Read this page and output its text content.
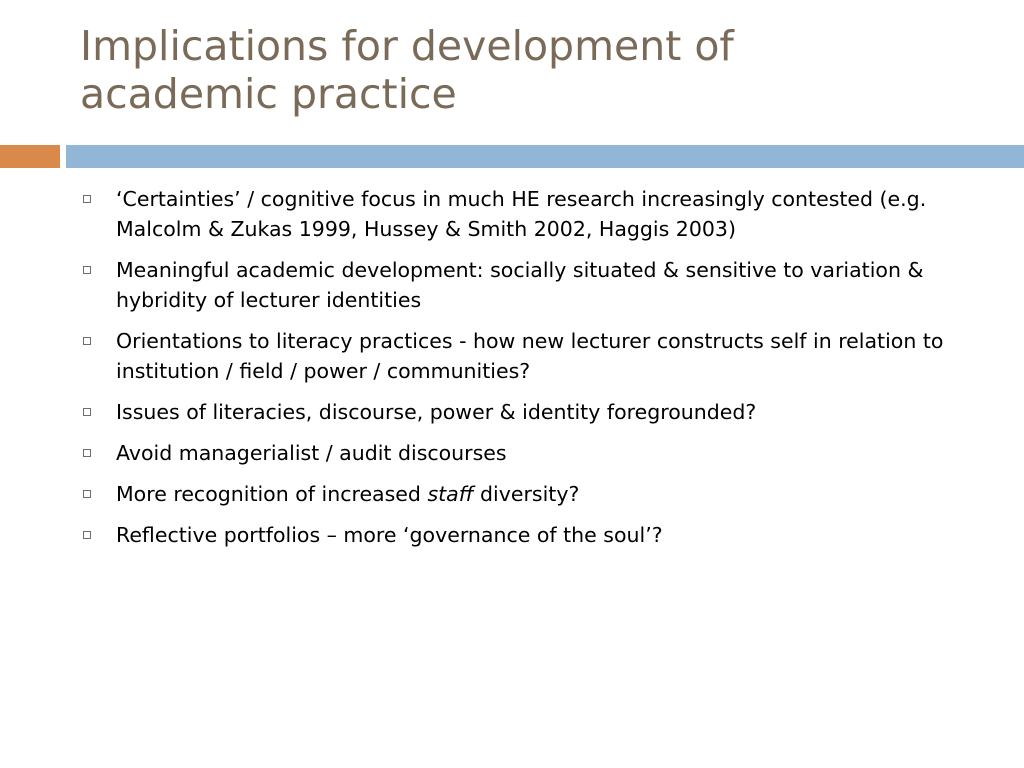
Implications for development of
academic practice
‘Certainties’ / cognitive focus in much HE research increasingly contested (e.g. Malcolm & Zukas 1999, Hussey & Smith 2002, Haggis 2003)
Meaningful academic development: socially situated & sensitive to variation & hybridity of lecturer identities
Orientations to literacy practices - how new lecturer constructs self in relation to institution / field / power / communities?
Issues of literacies, discourse, power & identity foregrounded?
Avoid managerialist / audit discourses
More recognition of increased staff diversity?
Reflective portfolios – more ‘governance of the soul’?
